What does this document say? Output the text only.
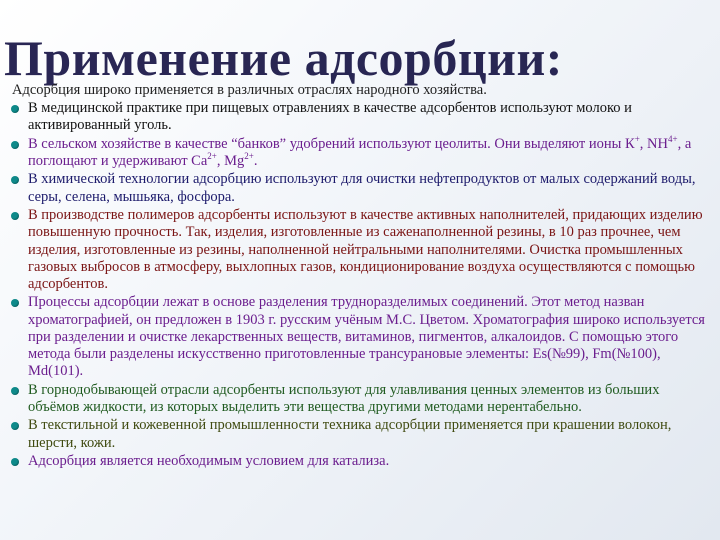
Применение адсорбции:

Адсорбция широко применяется в различных отраслях народного хозяйства.

В медицинской практике при пищевых отравлениях в качестве адсорбентов используют молоко и активированный уголь.
В сельском хозяйстве в качестве “банков” удобрений используют цеолиты. Они выделяют ионы К+, $NH^{4+}$, а поглощают и удерживают $Са^{2+}$, $Мg^{2+}$.
В химической технологии адсорбцию используют для очистки нефтепродуктов от малых содержаний воды, серы, селена, мышьяка, фосфора.
В производстве полимеров адсорбенты используют в качестве активных наполнителей, придающих изделию повышенную прочность. Так, изделия, изготовленные из саженаполненной резины, в 10 раз прочнее, чем изделия, изготовленные из резины, наполненной нейтральными наполнителями. Очистка промышленных газовых выбросов в атмосферу, выхлопных газов, кондиционирование воздуха осуществляются с помощью адсорбентов.
Процессы адсорбции лежат в основе разделения трудноразделимых соединений. Этот метод назван хроматографией, он предложен в 1903 г. русским учёным М.С. Цветом. Хроматография широко используется при разделении и очистке лекарственных веществ, витаминов, пигментов, алкалоидов. С помощью этого метода были разделены искусственно приготовленные трансурановые элементы: Es(№99), Fm(№100), Md(101).
В горнодобывающей отрасли адсорбенты используют для улавливания ценных элементов из больших объёмов жидкости, из которых выделить эти вещества другими методами нерентабельно.
В текстильной и кожевенной промышленности техника адсорбции применяется при крашении волокон, шерсти, кожи.
Адсорбция является необходимым условием для катализа.
